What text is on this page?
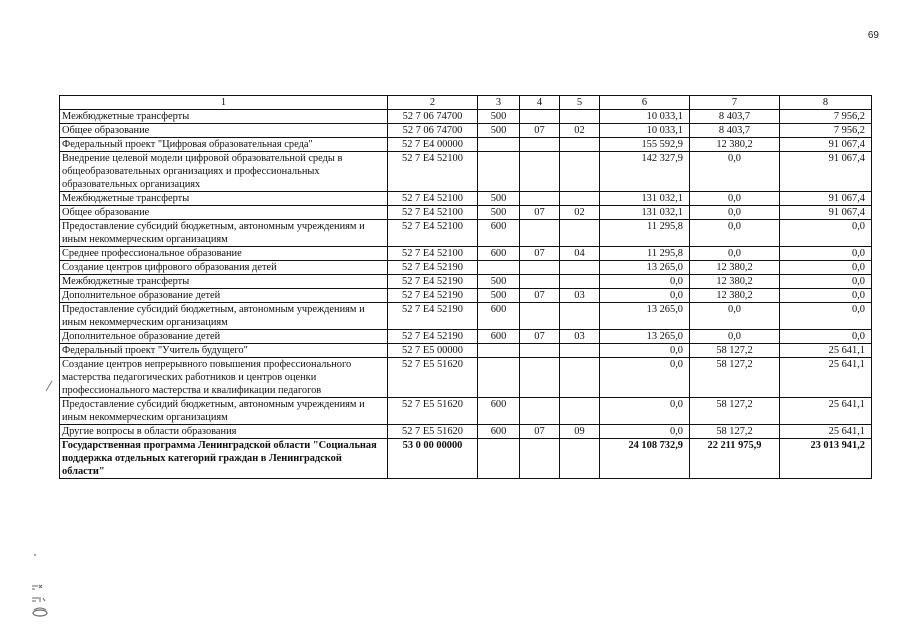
69
1	2	3	4	5	6	7	8
Межбюджетные трансферты	52 7 06 74700	500			10 033,1	8 403,7	7 956,2
Общее образование	52 7 06 74700	500	07	02	10 033,1	8 403,7	7 956,2
Федеральный проект "Цифровая образовательная среда"	52 7 E4 00000				155 592,9	12 380,2	91 067,4
Внедрение целевой модели цифровой образовательной среды в общеобразовательных организациях и профессиональных образовательных организациях	52 7 E4 52100				142 327,9	0,0	91 067,4
Межбюджетные трансферты	52 7 E4 52100	500			131 032,1	0,0	91 067,4
Общее образование	52 7 E4 52100	500	07	02	131 032,1	0,0	91 067,4
Предоставление субсидий бюджетным, автономным учреждениям и иным некоммерческим организациям	52 7 E4 52100	600			11 295,8	0,0	0,0
Среднее профессиональное образование	52 7 E4 52100	600	07	04	11 295,8	0,0	0,0
Создание центров цифрового образования детей	52 7 E4 52190				13 265,0	12 380,2	0,0
Межбюджетные трансферты	52 7 E4 52190	500			0,0	12 380,2	0,0
Дополнительное образование детей	52 7 E4 52190	500	07	03	0,0	12 380,2	0,0
Предоставление субсидий бюджетным, автономным учреждениям и иным некоммерческим организациям	52 7 E4 52190	600			13 265,0	0,0	0,0
Дополнительное образование детей	52 7 E4 52190	600	07	03	13 265,0	0,0	0,0
Федеральный проект "Учитель будущего"	52 7 E5 00000				0,0	58 127,2	25 641,1
Создание центров непрерывного повышения профессионального мастерства педагогических работников и центров оценки профессионального мастерства и квалификации педагогов	52 7 E5 51620				0,0	58 127,2	25 641,1
Предоставление субсидий бюджетным, автономным учреждениям и иным некоммерческим организациям	52 7 E5 51620	600			0,0	58 127,2	25 641,1
Другие вопросы в области образования	52 7 E5 51620	600	07	09	0,0	58 127,2	25 641,1
Государственная программа Ленинградской области "Социальная поддержка отдельных категорий граждан в Ленинградской области"	53 0 00 00000				24 108 732,9	22 211 975,9	23 013 941,2
